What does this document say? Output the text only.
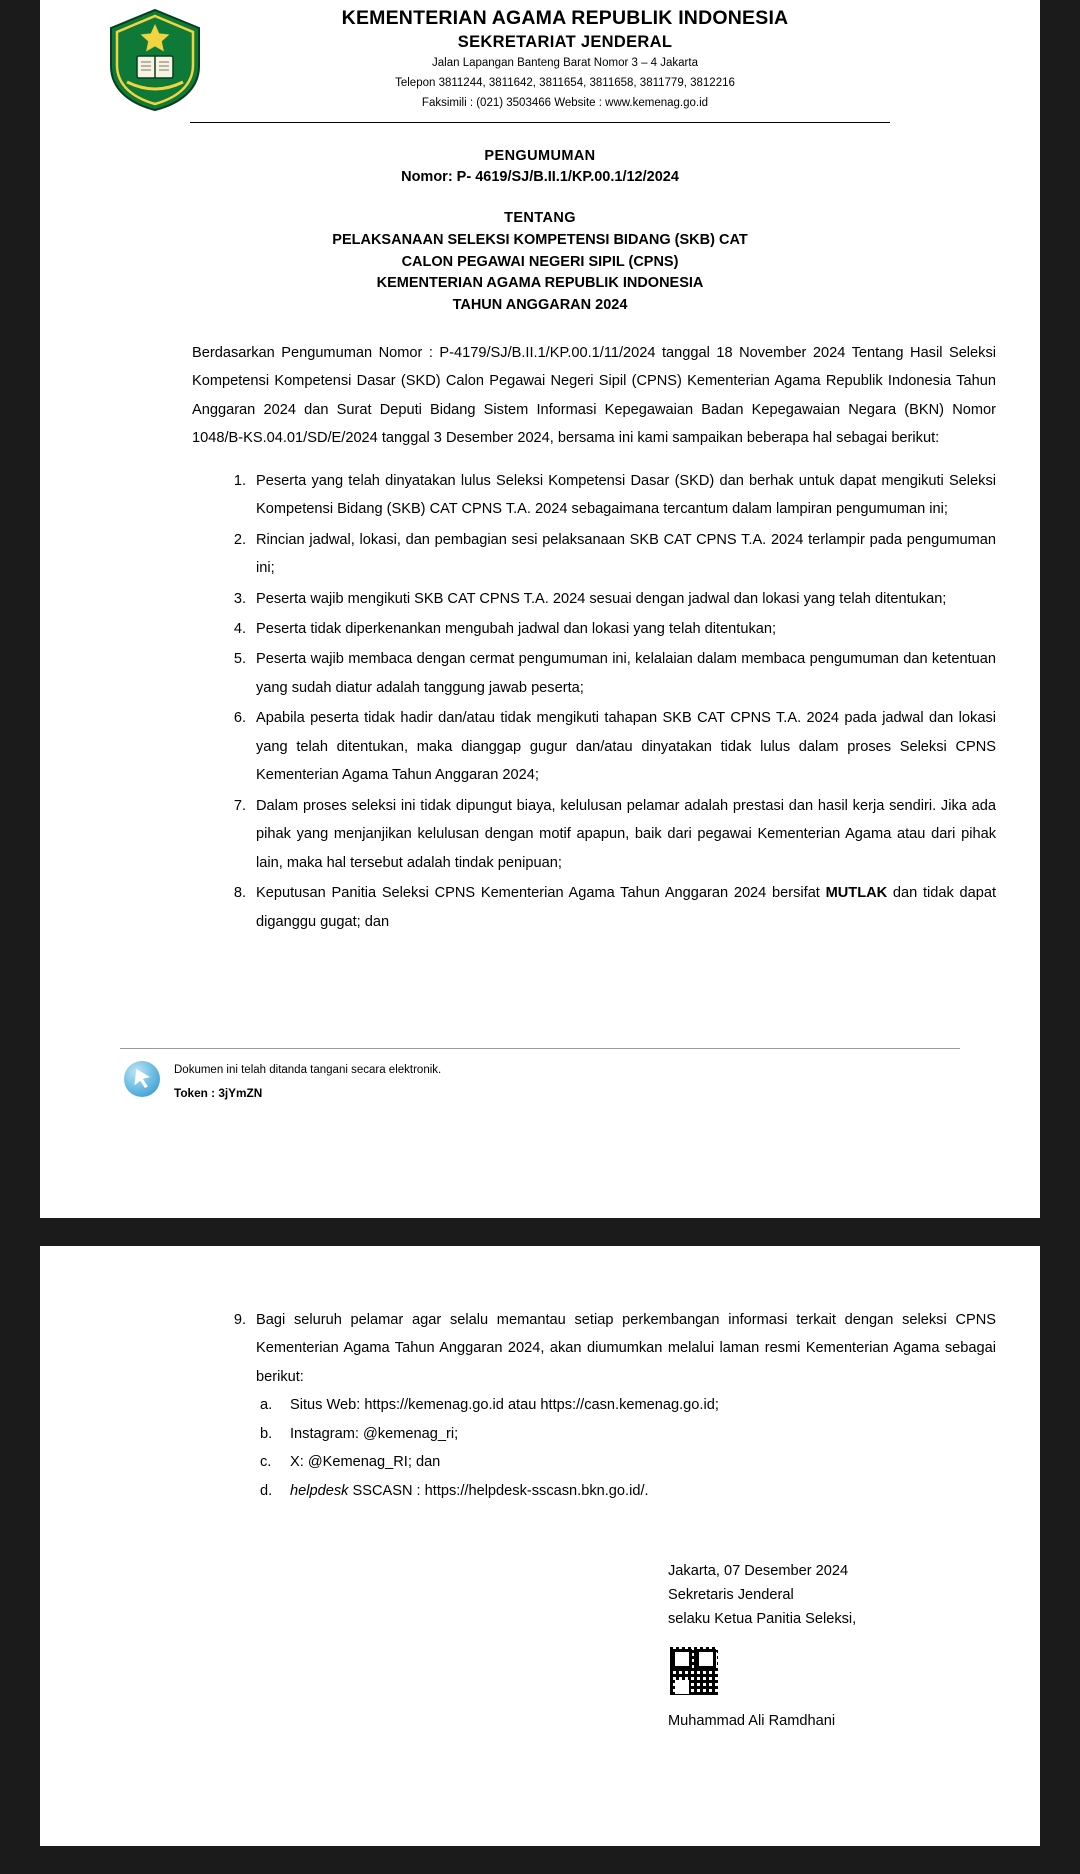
KEMENTERIAN AGAMA REPUBLIK INDONESIA
SEKRETARIAT JENDERAL
Jalan Lapangan Banteng Barat Nomor 3 – 4 Jakarta
Telepon 3811244, 3811642, 3811654, 3811658, 3811779, 3812216
Faksimili : (021) 3503466 Website : www.kemenag.go.id
PENGUMUMAN
Nomor: P- 4619/SJ/B.II.1/KP.00.1/12/2024
TENTANG
PELAKSANAAN SELEKSI KOMPETENSI BIDANG (SKB) CAT
CALON PEGAWAI NEGERI SIPIL (CPNS)
KEMENTERIAN AGAMA REPUBLIK INDONESIA
TAHUN ANGGARAN 2024

Berdasarkan Pengumuman Nomor : P-4179/SJ/B.II.1/KP.00.1/11/2024 tanggal 18 November 2024 Tentang Hasil Seleksi Kompetensi Kompetensi Dasar (SKD) Calon Pegawai Negeri Sipil (CPNS) Kementerian Agama Republik Indonesia Tahun Anggaran 2024 dan Surat Deputi Bidang Sistem Informasi Kepegawaian Badan Kepegawaian Negara (BKN) Nomor 1048/B-KS.04.01/SD/E/2024 tanggal 3 Desember 2024, bersama ini kami sampaikan beberapa hal sebagai berikut:

Peserta yang telah dinyatakan lulus Seleksi Kompetensi Dasar (SKD) dan berhak untuk dapat mengikuti Seleksi Kompetensi Bidang (SKB) CAT CPNS T.A. 2024 sebagaimana tercantum dalam lampiran pengumuman ini;
Rincian jadwal, lokasi, dan pembagian sesi pelaksanaan SKB CAT CPNS T.A. 2024 terlampir pada pengumuman ini;
Peserta wajib mengikuti SKB CAT CPNS T.A. 2024 sesuai dengan jadwal dan lokasi yang telah ditentukan;
Peserta tidak diperkenankan mengubah jadwal dan lokasi yang telah ditentukan;
Peserta wajib membaca dengan cermat pengumuman ini, kelalaian dalam membaca pengumuman dan ketentuan yang sudah diatur adalah tanggung jawab peserta;
Apabila peserta tidak hadir dan/atau tidak mengikuti tahapan SKB CAT CPNS T.A. 2024 pada jadwal dan lokasi yang telah ditentukan, maka dianggap gugur dan/atau dinyatakan tidak lulus dalam proses Seleksi CPNS Kementerian Agama Tahun Anggaran 2024;
Dalam proses seleksi ini tidak dipungut biaya, kelulusan pelamar adalah prestasi dan hasil kerja sendiri. Jika ada pihak yang menjanjikan kelulusan dengan motif apapun, baik dari pegawai Kementerian Agama atau dari pihak lain, maka hal tersebut adalah tindak penipuan;
Keputusan Panitia Seleksi CPNS Kementerian Agama Tahun Anggaran 2024 bersifat MUTLAK dan tidak dapat diganggu gugat; dan
Dokumen ini telah ditanda tangani secara elektronik.
Token : 3jYmZN
Bagi seluruh pelamar agar selalu memantau setiap perkembangan informasi terkait dengan seleksi CPNS Kementerian Agama Tahun Anggaran 2024, akan diumumkan melalui laman resmi Kementerian Agama sebagai berikut:
Situs Web: https://kemenag.go.id atau https://casn.kemenag.go.id;
Instagram: @kemenag_ri;
X: @Kemenag_RI; dan
helpdesk SSCASN : https://helpdesk-sscasn.bkn.go.id/.
Jakarta, 07 Desember 2024
Sekretaris Jenderal
selaku Ketua Panitia Seleksi,
Muhammad Ali Ramdhani
